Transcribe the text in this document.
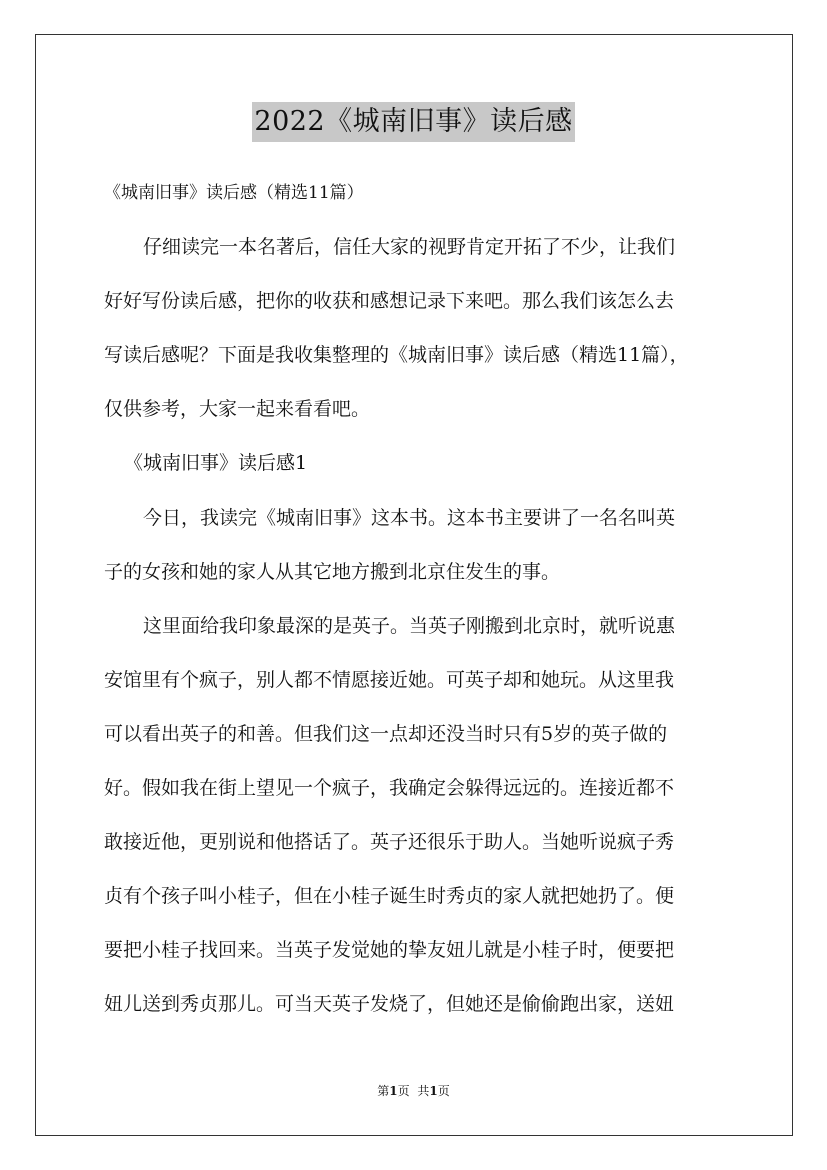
2022《城南旧事》读后感
《城南旧事》读后感（精选11篇）
仔细读完一本名著后，信任大家的视野肯定开拓了不少，让我们
好好写份读后感，把你的收获和感想记录下来吧。那么我们该怎么去
写读后感呢？下面是我收集整理的《城南旧事》读后感（精选11篇），
仅供参考，大家一起来看看吧。
《城南旧事》读后感1
今日，我读完《城南旧事》这本书。这本书主要讲了一名名叫英
子的女孩和她的家人从其它地方搬到北京住发生的事。
这里面给我印象最深的是英子。当英子刚搬到北京时，就听说惠
安馆里有个疯子，别人都不情愿接近她。可英子却和她玩。从这里我
可以看出英子的和善。但我们这一点却还没当时只有5岁的英子做的
好。假如我在街上望见一个疯子，我确定会躲得远远的。连接近都不
敢接近他，更别说和他搭话了。英子还很乐于助人。当她听说疯子秀
贞有个孩子叫小桂子，但在小桂子诞生时秀贞的家人就把她扔了。便
要把小桂子找回来。当英子发觉她的挚友妞儿就是小桂子时，便要把
妞儿送到秀贞那儿。可当天英子发烧了，但她还是偷偷跑出家，送妞
第1页 共1页
